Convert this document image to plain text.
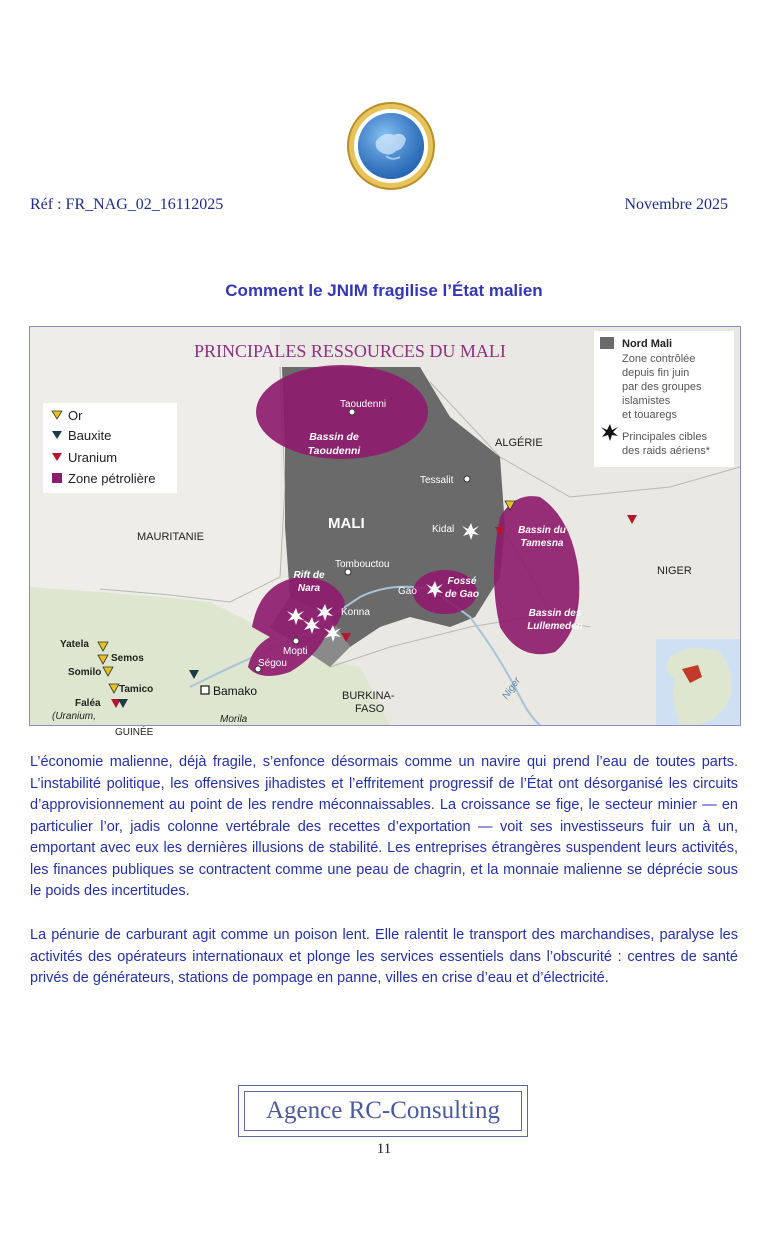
Réf : FR_NAG_02_16112025	Novembre 2025
Comment le JNIM fragilise l’État malien
Bassin de
Taoudenni
Bassin du
Tamesna
Bassin des
Lullemeden
Fossé
de Gao
Rift de
Nara
PRINCIPALES RESSOURCES DU MALI
ALGÉRIE
MAURITANIE
NIGER
MALI
BURKINA-
FASO
GUINÉE
Taoudenni
Tessalit
Kidal
Tombouctou
Gao
Konna
Mopti
Ségou
Bamako
Morila
Yatela
Semos
Somilo
Tamico
Faléa
(Uranium,
Niger
Or
Bauxite
Uranium
Zone pétrolière
Nord Mali
Zone contrôlée
depuis fin juin
par des groupes
islamistes
et touaregs
Principales cibles
des raids aériens*

L’économie malienne, déjà fragile, s’enfonce désormais comme un navire qui prend l’eau de toutes parts. L’instabilité politique, les offensives jihadistes et l’effritement progressif de l’État ont désorganisé les circuits d’approvisionnement au point de les rendre méconnaissables. La croissance se fige, le secteur minier — en particulier l’or, jadis colonne vertébrale des recettes d’exportation — voit ses investisseurs fuir un à un, emportant avec eux les dernières illusions de stabilité. Les entreprises étrangères suspendent leurs activités, les finances publiques se contractent comme une peau de chagrin, et la monnaie malienne se déprécie sous le poids des incertitudes.

La pénurie de carburant agit comme un poison lent. Elle ralentit le transport des marchandises, paralyse les activités des opérateurs internationaux et plonge les services essentiels dans l’obscurité : centres de santé privés de générateurs, stations de pompage en panne, villes en crise d’eau et d’électricité.

Agence RC-Consulting
11
